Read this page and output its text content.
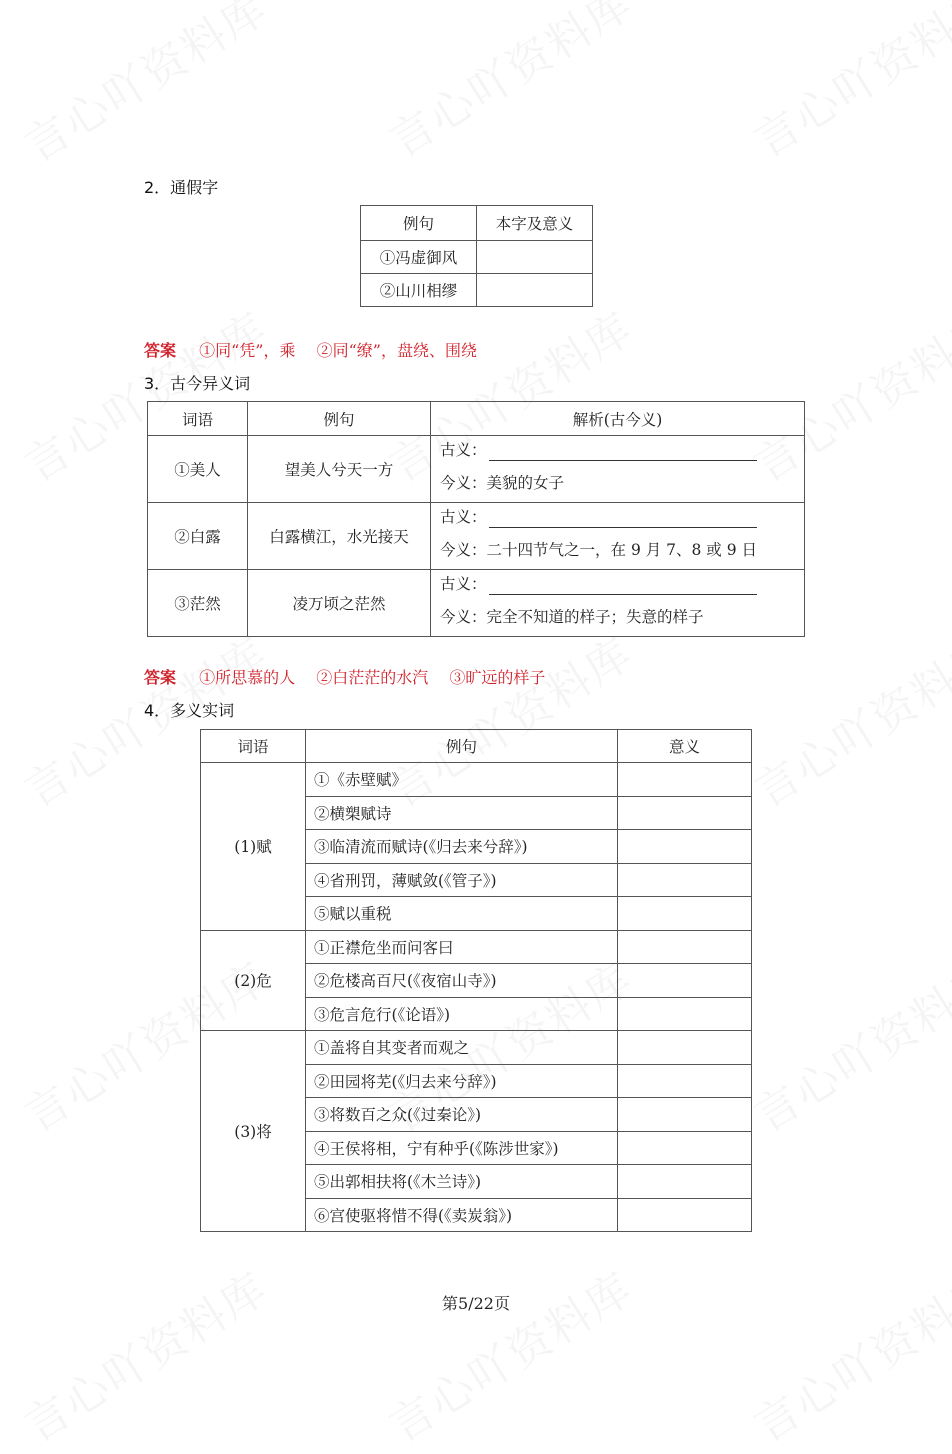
2．通假字
例句	本字及意义
①冯虚御风	
②山川相缪	
答案 ①同“凭”，乘 ②同“缭”，盘绕、围绕
3．古今异义词
词语	例句	解析(古今义)
①美人	望美人兮天一方	古义：
今义：美貌的女子

②白露	白露横江，水光接天	古义：
今义：二十四节气之一，在 9 月 7、8 或 9 日

③茫然	凌万顷之茫然	古义：
今义：完全不知道的样子；失意的样子
答案 ①所思慕的人 ②白茫茫的水汽 ③旷远的样子
4．多义实词
词语	例句	意义
(1)赋	①《赤壁赋》	
	②横槊赋诗	
	③临清流而赋诗(《归去来兮辞》)	
	④省刑罚，薄赋敛(《管子》)	
	⑤赋以重税	
(2)危	①正襟危坐而问客曰	
	②危楼高百尺(《夜宿山寺》)	
	③危言危行(《论语》)	
(3)将	①盖将自其变者而观之	
	②田园将芜(《归去来兮辞》)	
	③将数百之众(《过秦论》)	
	④王侯将相，宁有种乎(《陈涉世家》)	
	⑤出郭相扶将(《木兰诗》)	
	⑥宫使驱将惜不得(《卖炭翁》)	
第5/22页
